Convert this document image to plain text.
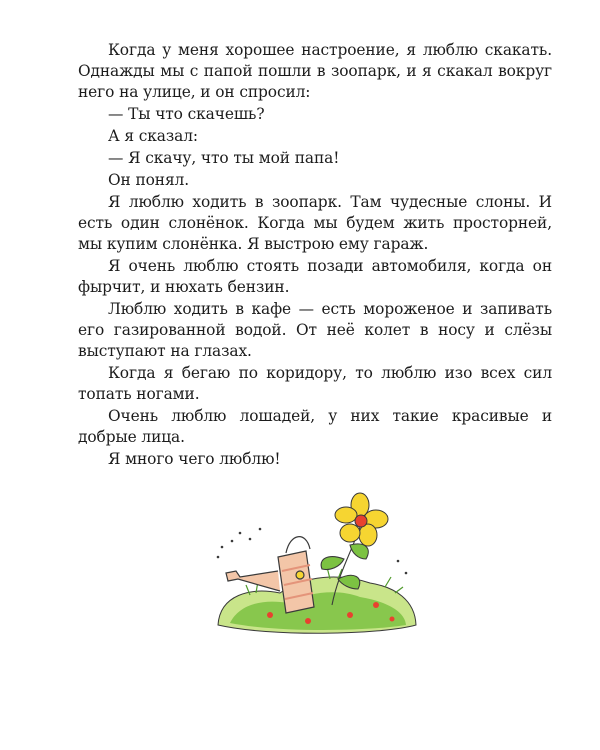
Когда у меня хорошее настроение, я люблю скакать. Однажды мы с папой пошли в зоопарк, и я скакал вокруг него на улице, и он спросил:

— Ты что скачешь?

А я сказал:

— Я скачу, что ты мой папа!

Он понял.

Я люблю ходить в зоопарк. Там чудесные слоны. И есть один слонёнок. Когда мы будем жить просторней, мы купим слонёнка. Я выстрою ему гараж.

Я очень люблю стоять позади автомобиля, когда он фырчит, и нюхать бензин.

Люблю ходить в кафе — есть мороженое и запивать его газированной водой. От неё колет в носу и слёзы выступают на глазах.

Когда я бегаю по коридору, то люблю изо всех сил топать ногами.

Очень люблю лошадей, у них такие красивые и добрые лица.

Я много чего люблю!
